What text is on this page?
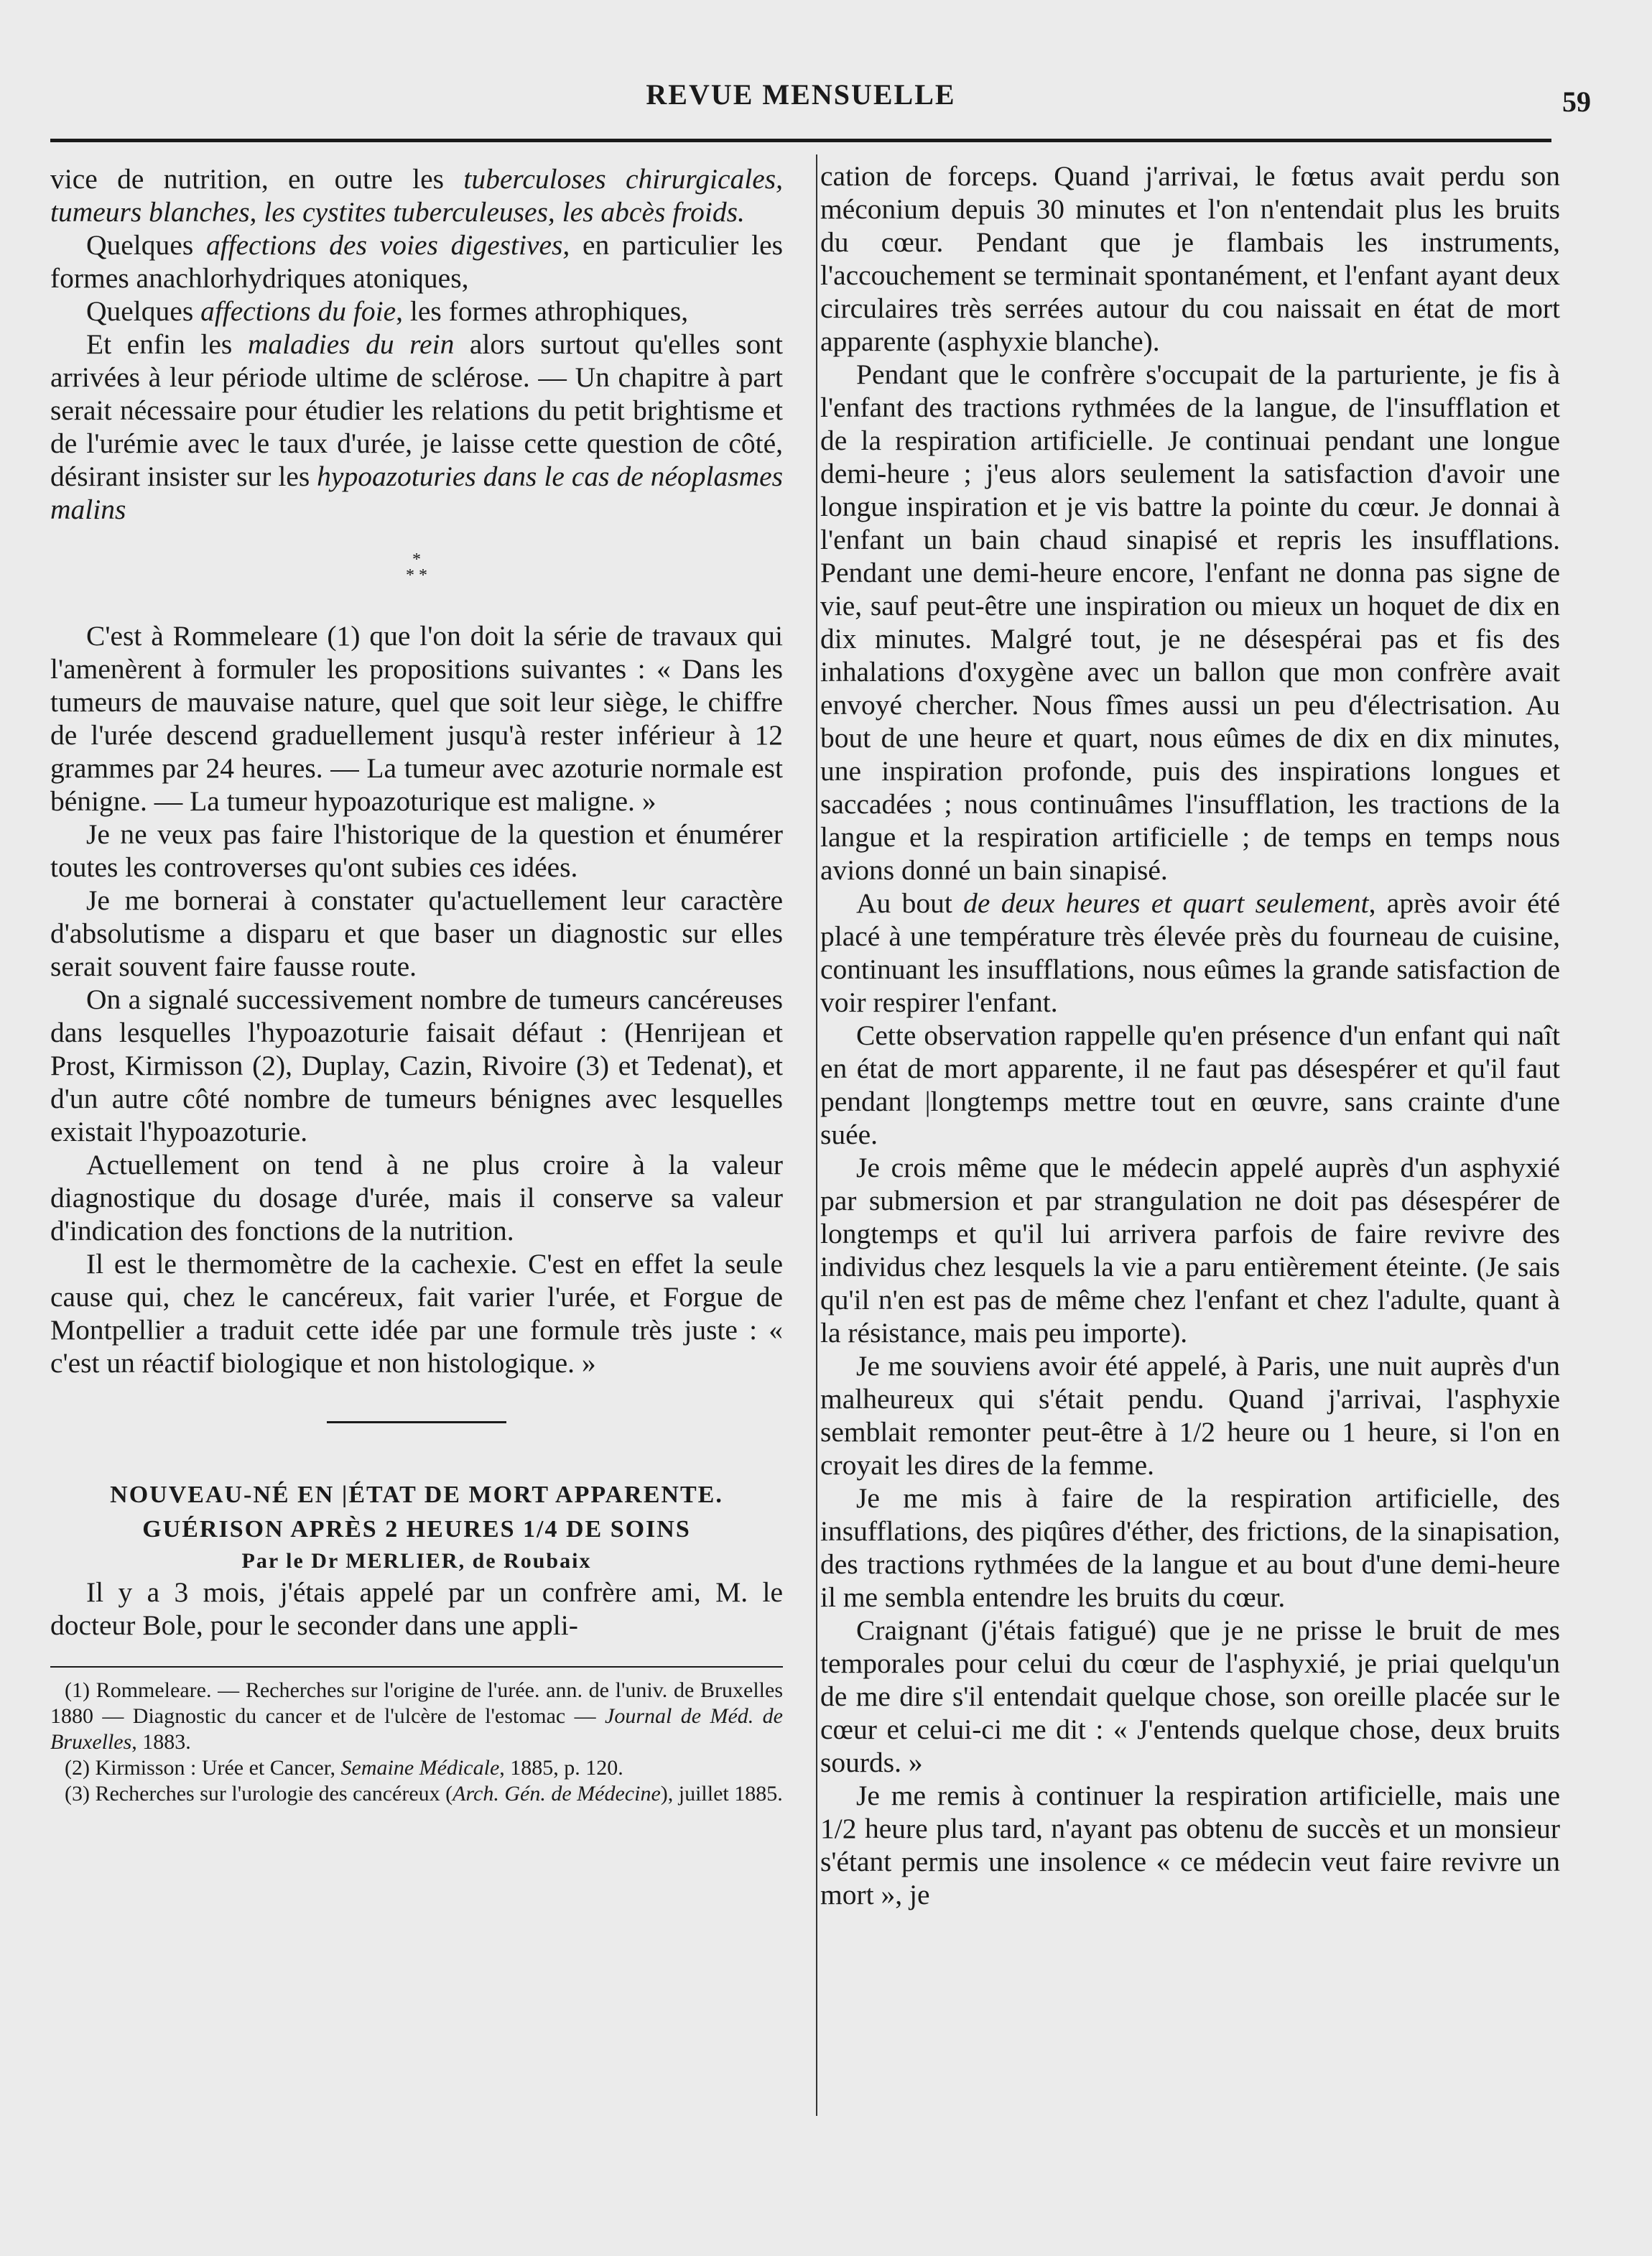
REVUE MENSUELLE	59

vice de nutrition, en outre les tuberculoses chirurgicales, tumeurs blanches, les cystites tuberculeuses, les abcès froids.

Quelques affections des voies digestives, en particulier les formes anachlorhydriques atoniques,

Quelques affections du foie, les formes athrophiques,

Et enfin les maladies du rein alors surtout qu'elles sont arrivées à leur période ultime de sclérose. — Un chapitre à part serait nécessaire pour étudier les relations du petit brightisme et de l'urémie avec le taux d'urée, je laisse cette question de côté, désirant insister sur les hypoazoturies dans le cas de néoplasmes malins

*
* *

C'est à Rommeleare (1) que l'on doit la série de travaux qui l'amenèrent à formuler les propositions suivantes : « Dans les tumeurs de mauvaise nature, quel que soit leur siège, le chiffre de l'urée descend graduellement jusqu'à rester inférieur à 12 grammes par 24 heures. — La tumeur avec azoturie normale est bénigne. — La tumeur hypoazoturique est maligne. »

Je ne veux pas faire l'historique de la question et énumérer toutes les controverses qu'ont subies ces idées.

Je me bornerai à constater qu'actuellement leur caractère d'absolutisme a disparu et que baser un diagnostic sur elles serait souvent faire fausse route.

On a signalé successivement nombre de tumeurs cancéreuses dans lesquelles l'hypoazoturie faisait défaut : (Henrijean et Prost, Kirmisson (2), Duplay, Cazin, Rivoire (3) et Tedenat), et d'un autre côté nombre de tumeurs bénignes avec lesquelles existait l'hypoazoturie.

Actuellement on tend à ne plus croire à la valeur diagnostique du dosage d'urée, mais il conserve sa valeur d'indication des fonctions de la nutrition.

Il est le thermomètre de la cachexie. C'est en effet la seule cause qui, chez le cancéreux, fait varier l'urée, et Forgue de Montpellier a traduit cette idée par une formule très juste : « c'est un réactif biologique et non histologique. »

NOUVEAU-NÉ EN |ÉTAT DE MORT APPARENTE.

GUÉRISON APRÈS 2 HEURES 1/4 DE SOINS

Par le Dr MERLIER, de Roubaix

Il y a 3 mois, j'étais appelé par un confrère ami, M. le docteur Bole, pour le seconder dans une appli-

(1) Rommeleare. — Recherches sur l'origine de l'urée. ann. de l'univ. de Bruxelles 1880 — Diagnostic du cancer et de l'ulcère de l'estomac — Journal de Méd. de Bruxelles, 1883.

(2) Kirmisson : Urée et Cancer, Semaine Médicale, 1885, p. 120.

(3) Recherches sur l'urologie des cancéreux (Arch. Gén. de Médecine), juillet 1885.

cation de forceps. Quand j'arrivai, le fœtus avait perdu son méconium depuis 30 minutes et l'on n'entendait plus les bruits du cœur. Pendant que je flambais les instruments, l'accouchement se terminait spontanément, et l'enfant ayant deux circulaires très serrées autour du cou naissait en état de mort apparente (asphyxie blanche).

Pendant que le confrère s'occupait de la parturiente, je fis à l'enfant des tractions rythmées de la langue, de l'insufflation et de la respiration artificielle. Je continuai pendant une longue demi-heure ; j'eus alors seulement la satisfaction d'avoir une longue inspiration et je vis battre la pointe du cœur. Je donnai à l'enfant un bain chaud sinapisé et repris les insufflations. Pendant une demi-heure encore, l'enfant ne donna pas signe de vie, sauf peut-être une inspiration ou mieux un hoquet de dix en dix minutes. Malgré tout, je ne désespérai pas et fis des inhalations d'oxygène avec un ballon que mon confrère avait envoyé chercher. Nous fîmes aussi un peu d'électrisation. Au bout de une heure et quart, nous eûmes de dix en dix minutes, une inspiration profonde, puis des inspirations longues et saccadées ; nous continuâmes l'insufflation, les tractions de la langue et la respiration artificielle ; de temps en temps nous avions donné un bain sinapisé.

Au bout de deux heures et quart seulement, après avoir été placé à une température très élevée près du fourneau de cuisine, continuant les insufflations, nous eûmes la grande satisfaction de voir respirer l'enfant.

Cette observation rappelle qu'en présence d'un enfant qui naît en état de mort apparente, il ne faut pas désespérer et qu'il faut pendant |longtemps mettre tout en œuvre, sans crainte d'une suée.

Je crois même que le médecin appelé auprès d'un asphyxié par submersion et par strangulation ne doit pas désespérer de longtemps et qu'il lui arrivera parfois de faire revivre des individus chez lesquels la vie a paru entièrement éteinte. (Je sais qu'il n'en est pas de même chez l'enfant et chez l'adulte, quant à la résistance, mais peu importe).

Je me souviens avoir été appelé, à Paris, une nuit auprès d'un malheureux qui s'était pendu. Quand j'arrivai, l'asphyxie semblait remonter peut-être à 1/2 heure ou 1 heure, si l'on en croyait les dires de la femme.

Je me mis à faire de la respiration artificielle, des insufflations, des piqûres d'éther, des frictions, de la sinapisation, des tractions rythmées de la langue et au bout d'une demi-heure il me sembla entendre les bruits du cœur.

Craignant (j'étais fatigué) que je ne prisse le bruit de mes temporales pour celui du cœur de l'asphyxié, je priai quelqu'un de me dire s'il entendait quelque chose, son oreille placée sur le cœur et celui-ci me dit : « J'entends quelque chose, deux bruits sourds. »

Je me remis à continuer la respiration artificielle, mais une 1/2 heure plus tard, n'ayant pas obtenu de succès et un monsieur s'étant permis une insolence « ce médecin veut faire revivre un mort », je
